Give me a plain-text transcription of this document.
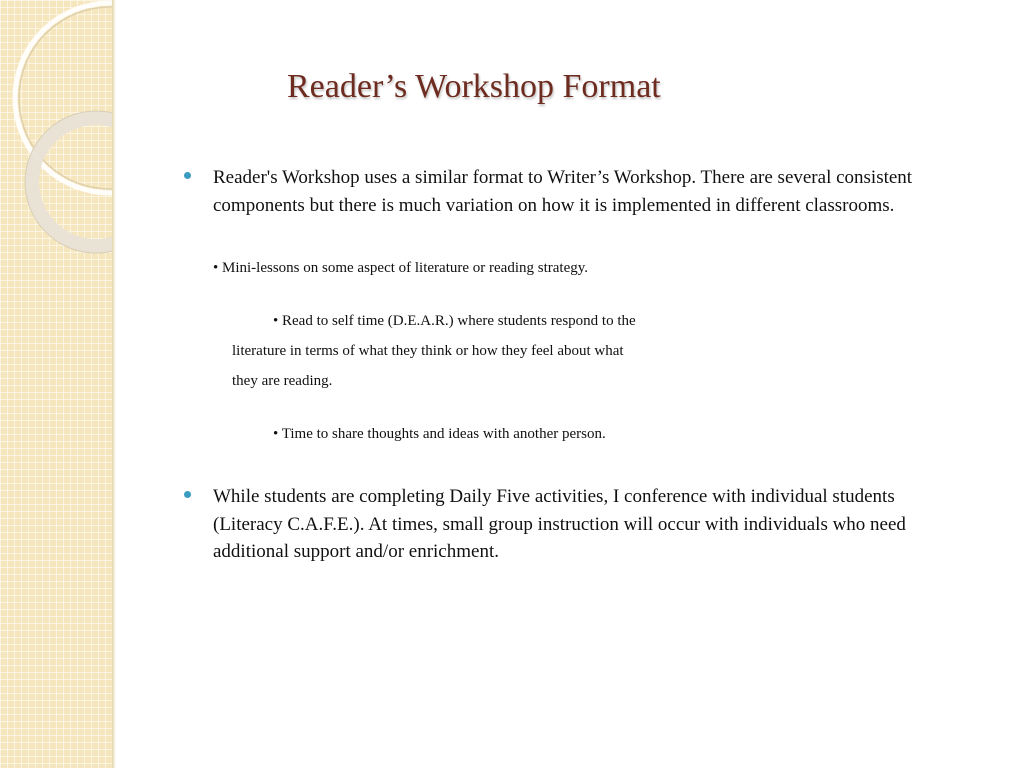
Reader’s Workshop Format
Reader's Workshop uses a similar format to Writer’s Workshop. There are several consistent components but there is much variation on how it is implemented in different classrooms.
• Mini-lessons on some aspect of literature or reading strategy.
• Read to self time (D.E.A.R.) where students respond to the
literature in terms of what they think or how they feel about what
they are reading.
• Time to share thoughts and ideas with another person.
While students are completing Daily Five activities, I conference with individual students (Literacy C.A.F.E.). At times, small group instruction will occur with individuals who need additional support and/or enrichment.
